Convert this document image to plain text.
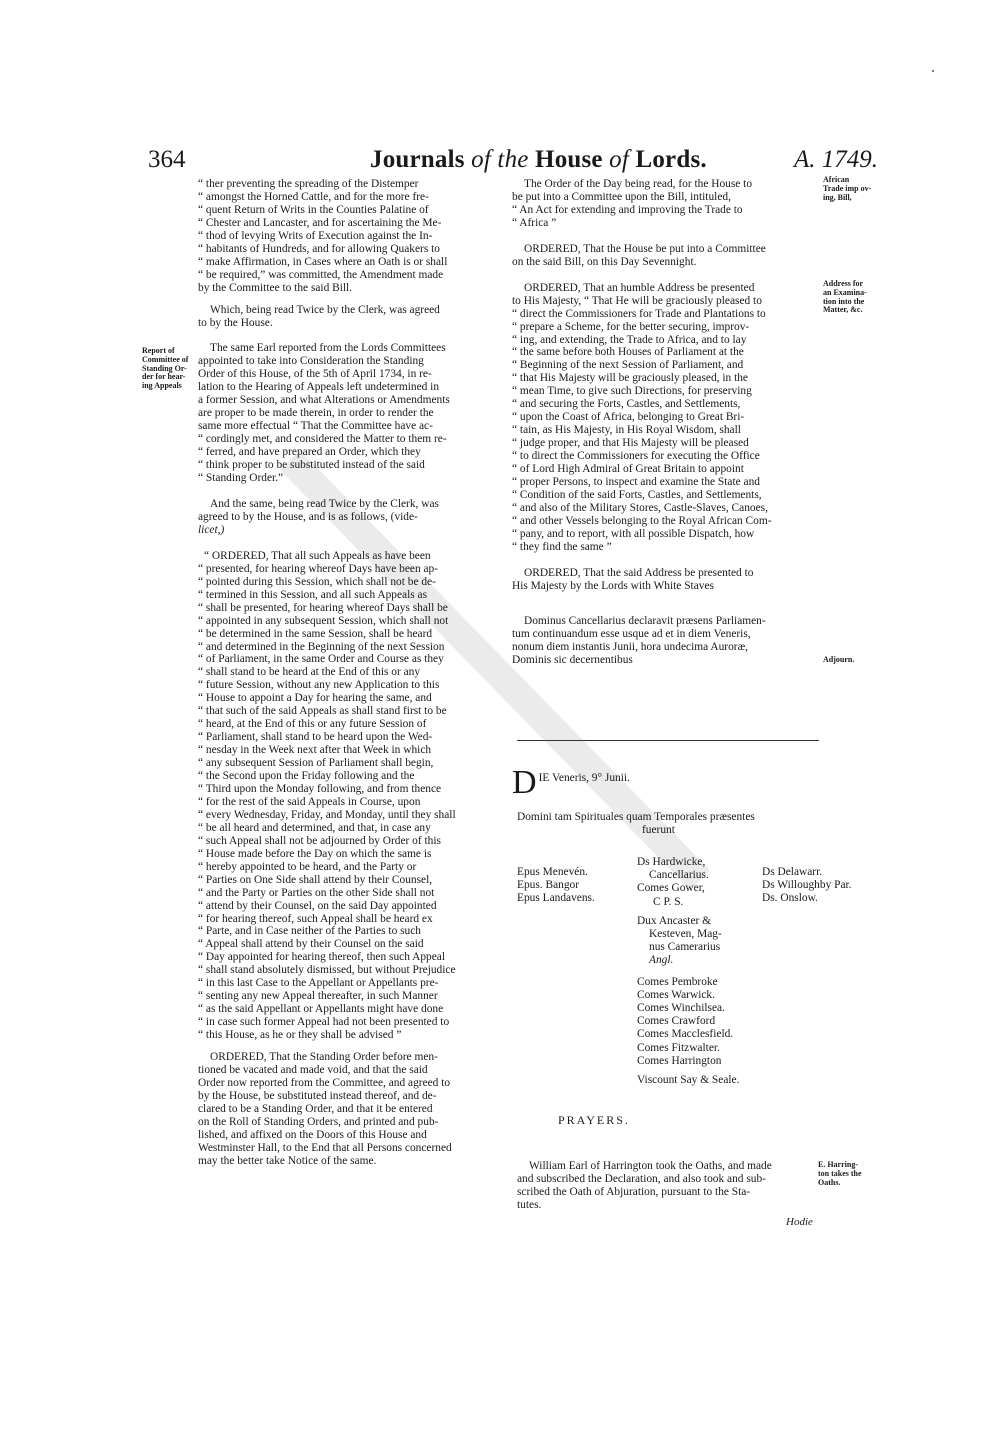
364	Journals of the House of Lords.	A. 1749.
Report of
Committee of
Standing Or-
der for hear-
ing Appeals

“ ther preventing the spreading of the Distemper
“ amongst the Horned Cattle, and for the more fre-
“ quent Return of Writs in the Counties Palatine of
“ Chester and Lancaster, and for ascertaining the Me-
“ thod of levying Writs of Execution against the In-
“ habitants of Hundreds, and for allowing Quakers to
“ make Affirmation, in Cases where an Oath is or shall
“ be required,” was committed, the Amendment made
by the Committee to the said Bill.

Which, being read Twice by the Clerk, was agreed
to by the House.

The same Earl reported from the Lords Committees
appointed to take into Consideration the Standing
Order of this House, of the 5th of April 1734, in re-
lation to the Hearing of Appeals left undetermined in
a former Session, and what Alterations or Amendments
are proper to be made therein, in order to render the
same more effectual “ That the Committee have ac-
“ cordingly met, and considered the Matter to them re-
“ ferred, and have prepared an Order, which they
“ think proper to be substituted instead of the said
“ Standing Order.”

And the same, being read Twice by the Clerk, was
agreed to by the House, and is as follows, (vide-
licet,)

“ ORDERED, That all such Appeals as have been
“ presented, for hearing whereof Days have been ap-
“ pointed during this Session, which shall not be de-
“ termined in this Session, and all such Appeals as
“ shall be presented, for hearing whereof Days shall be
“ appointed in any subsequent Session, which shall not
“ be determined in the same Session, shall be heard
“ and determined in the Beginning of the next Session
“ of Parliament, in the same Order and Course as they
“ shall stand to be heard at the End of this or any
“ future Session, without any new Application to this
“ House to appoint a Day for hearing the same, and
“ that such of the said Appeals as shall stand first to be
“ heard, at the End of this or any future Session of
“ Parliament, shall stand to be heard upon the Wed-
“ nesday in the Week next after that Week in which
“ any subsequent Session of Parliament shall begin,
“ the Second upon the Friday following and the
“ Third upon the Monday following, and from thence
“ for the rest of the said Appeals in Course, upon
“ every Wednesday, Friday, and Monday, until they shall
“ be all heard and determined, and that, in case any
“ such Appeal shall not be adjourned by Order of this
“ House made before the Day on which the same is
“ hereby appointed to be heard, and the Party or
“ Parties on One Side shall attend by their Counsel,
“ and the Party or Parties on the other Side shall not
“ attend by their Counsel, on the said Day appointed
“ for hearing thereof, such Appeal shall be heard ex
“ Parte, and in Case neither of the Parties to such
“ Appeal shall attend by their Counsel on the said
“ Day appointed for hearing thereof, then such Appeal
“ shall stand absolutely dismissed, but without Prejudice
“ in this last Case to the Appellant or Appellants pre-
“ senting any new Appeal thereafter, in such Manner
“ as the said Appellant or Appellants might have done
“ in case such former Appeal had not been presented to
“ this House, as he or they shall be advised ”

ORDERED, That the Standing Order before men-
tioned be vacated and made void, and that the said
Order now reported from the Committee, and agreed to
by the House, be substituted instead thereof, and de-
clared to be a Standing Order, and that it be entered
on the Roll of Standing Orders, and printed and pub-
lished, and affixed on the Doors of this House and
Westminster Hall, to the End that all Persons concerned
may the better take Notice of the same.

African
Trade imp ov-
ing, Bill,
Address for
an Examina-
tion into the
Matter, &c.
Adjourn.
E. Harring-
ton takes the
Oaths.

The Order of the Day being read, for the House to
be put into a Committee upon the Bill, intituled,
“ An Act for extending and improving the Trade to
“ Africa ”

ORDERED, That the House be put into a Committee
on the said Bill, on this Day Sevennight.

ORDERED, That an humble Address be presented
to His Majesty, “ That He will be graciously pleased to
“ direct the Commissioners for Trade and Plantations to
“ prepare a Scheme, for the better securing, improv-
“ ing, and extending, the Trade to Africa, and to lay
“ the same before both Houses of Parliament at the
“ Beginning of the next Session of Parliament, and
“ that His Majesty will be graciously pleased, in the
“ mean Time, to give such Directions, for preserving
“ and securing the Forts, Castles, and Settlements,
“ upon the Coast of Africa, belonging to Great Bri-
“ tain, as His Majesty, in His Royal Wisdom, shall
“ judge proper, and that His Majesty will be pleased
“ to direct the Commissioners for executing the Office
“ of Lord High Admiral of Great Britain to appoint
“ proper Persons, to inspect and examine the State and
“ Condition of the said Forts, Castles, and Settlements,
“ and also of the Military Stores, Castle-Slaves, Canoes,
“ and other Vessels belonging to the Royal African Com-
“ pany, and to report, with all possible Dispatch, how
“ they find the same ”

ORDERED, That the said Address be presented to
His Majesty by the Lords with White Staves

Dominus Cancellarius declaravit præsens Parliamen-
tum continuandum esse usque ad et in diem Veneris,
nonum diem instantis Junii, hora undecima Auroræ,
Dominis sic decernentibus

D IE Veneris, 9° Junii.
Domini tam Spirituales quam Temporales præsentes
fuerunt
Epus Menevén.
Epus. Bangor
Epus Landavens.
Ds Hardwicke,
Cancellarius.
Comes Gower,
C P. S.
Dux Ancaster &
Kesteven, Mag-
nus Camerarius
Angl.
Comes Pembroke
Comes Warwick.
Comes Winchilsea.
Comes Crawford
Comes Macclesfield.
Comes Fitzwalter.
Comes Harrington
Viscount Say & Seale.
Ds Delawarr.
Ds Willoughby Par.
Ds. Onslow.
PRAYERS.
William Earl of Harrington took the Oaths, and made
and subscribed the Declaration, and also took and sub-
scribed the Oath of Abjuration, pursuant to the Sta-
tutes.
Hodie
